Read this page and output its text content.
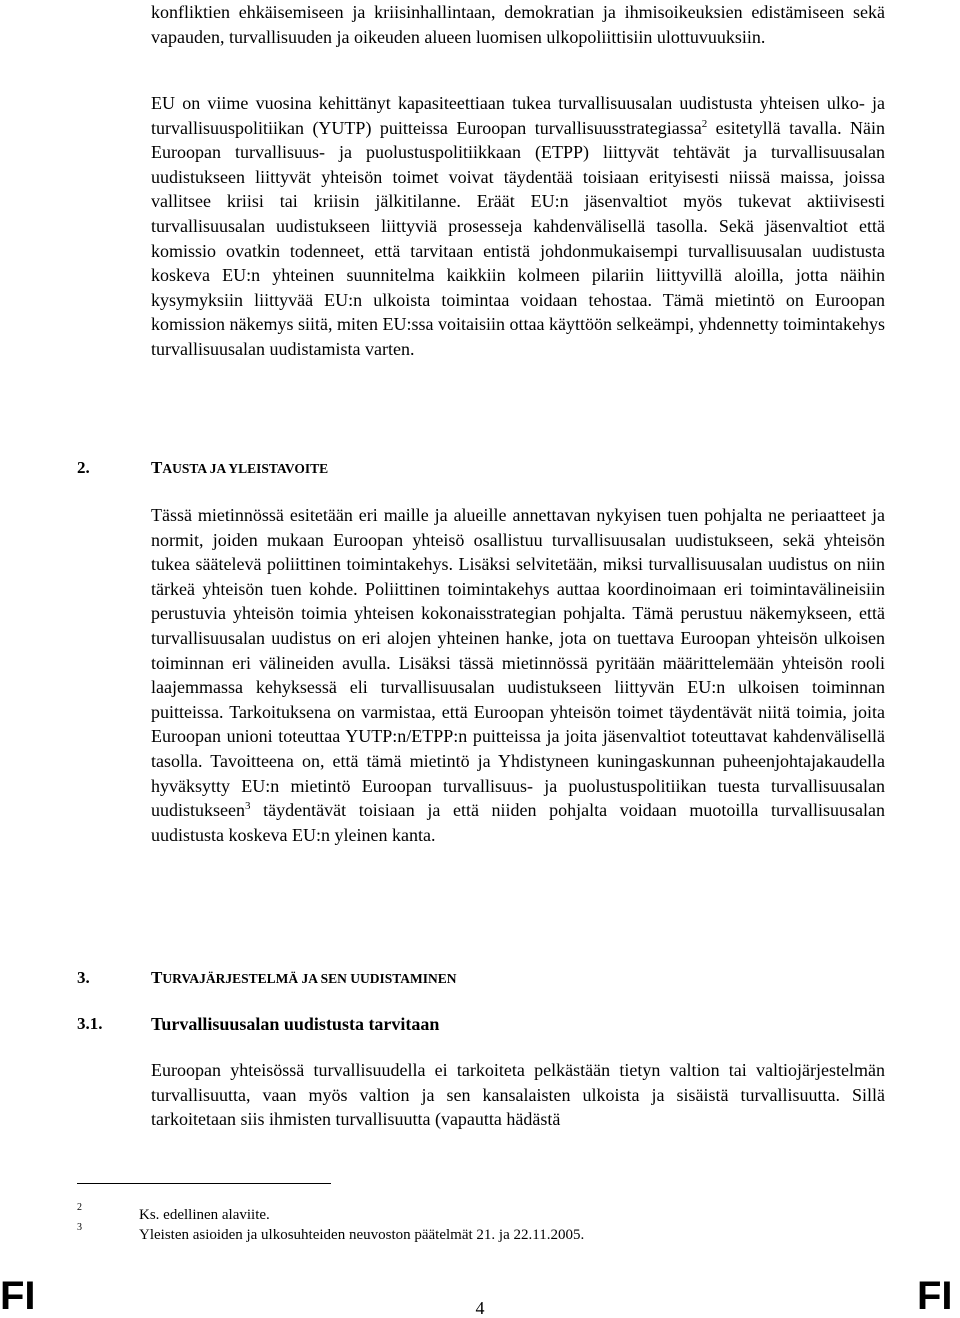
konfliktien ehkäisemiseen ja kriisinhallintaan, demokratian ja ihmisoikeuksien edistämiseen sekä vapauden, turvallisuuden ja oikeuden alueen luomisen ulkopoliittisiin ulottuvuuksiin.

EU on viime vuosina kehittänyt kapasiteettiaan tukea turvallisuusalan uudistusta yhteisen ulko- ja turvallisuuspolitiikan (YUTP) puitteissa Euroopan turvallisuusstrategiassa$^2$ esitetyllä tavalla. Näin Euroopan turvallisuus- ja puolustuspolitiikkaan (ETPP) liittyvät tehtävät ja turvallisuusalan uudistukseen liittyvät yhteisön toimet voivat täydentää toisiaan erityisesti niissä maissa, joissa vallitsee kriisi tai kriisin jälkitilanne. Eräät EU:n jäsenvaltiot myös tukevat aktiivisesti turvallisuusalan uudistukseen liittyviä prosesseja kahdenvälisellä tasolla. Sekä jäsenvaltiot että komissio ovatkin todenneet, että tarvitaan entistä johdonmukaisempi turvallisuusalan uudistusta koskeva EU:n yhteinen suunnitelma kaikkiin kolmeen pilariin liittyvillä aloilla, jotta näihin kysymyksiin liittyvää EU:n ulkoista toimintaa voidaan tehostaa. Tämä mietintö on Euroopan komission näkemys siitä, miten EU:ssa voitaisiin ottaa käyttöön selkeämpi, yhdennetty toimintakehys turvallisuusalan uudistamista varten.

2.	TAUSTA JA YLEISTAVOITE

Tässä mietinnössä esitetään eri maille ja alueille annettavan nykyisen tuen pohjalta ne periaatteet ja normit, joiden mukaan Euroopan yhteisö osallistuu turvallisuusalan uudistukseen, sekä yhteisön tukea säätelevä poliittinen toimintakehys. Lisäksi selvitetään, miksi turvallisuusalan uudistus on niin tärkeä yhteisön tuen kohde. Poliittinen toimintakehys auttaa koordinoimaan eri toimintavälineisiin perustuvia yhteisön toimia yhteisen kokonaisstrategian pohjalta. Tämä perustuu näkemykseen, että turvallisuusalan uudistus on eri alojen yhteinen hanke, jota on tuettava Euroopan yhteisön ulkoisen toiminnan eri välineiden avulla. Lisäksi tässä mietinnössä pyritään määrittelemään yhteisön rooli laajemmassa kehyksessä eli turvallisuusalan uudistukseen liittyvän EU:n ulkoisen toiminnan puitteissa. Tarkoituksena on varmistaa, että Euroopan yhteisön toimet täydentävät niitä toimia, joita Euroopan unioni toteuttaa YUTP:n/ETPP:n puitteissa ja joita jäsenvaltiot toteuttavat kahdenvälisellä tasolla. Tavoitteena on, että tämä mietintö ja Yhdistyneen kuningaskunnan puheenjohtajakaudella hyväksytty EU:n mietintö Euroopan turvallisuus- ja puolustuspolitiikan tuesta turvallisuusalan uudistukseen$^3$ täydentävät toisiaan ja että niiden pohjalta voidaan muotoilla turvallisuusalan uudistusta koskeva EU:n yleinen kanta.

3.	TURVAJÄRJESTELMÄ JA SEN UUDISTAMINEN
3.1.	Turvallisuusalan uudistusta tarvitaan

Euroopan yhteisössä turvallisuudella ei tarkoiteta pelkästään tietyn valtion tai valtiojärjestelmän turvallisuutta, vaan myös valtion ja sen kansalaisten ulkoista ja sisäistä turvallisuutta. Sillä tarkoitetaan siis ihmisten turvallisuutta (vapautta hädästä

2	Ks. edellinen alaviite.
3	Yleisten asioiden ja ulkosuhteiden neuvoston päätelmät 21. ja 22.11.2005.
FI	4	FI
